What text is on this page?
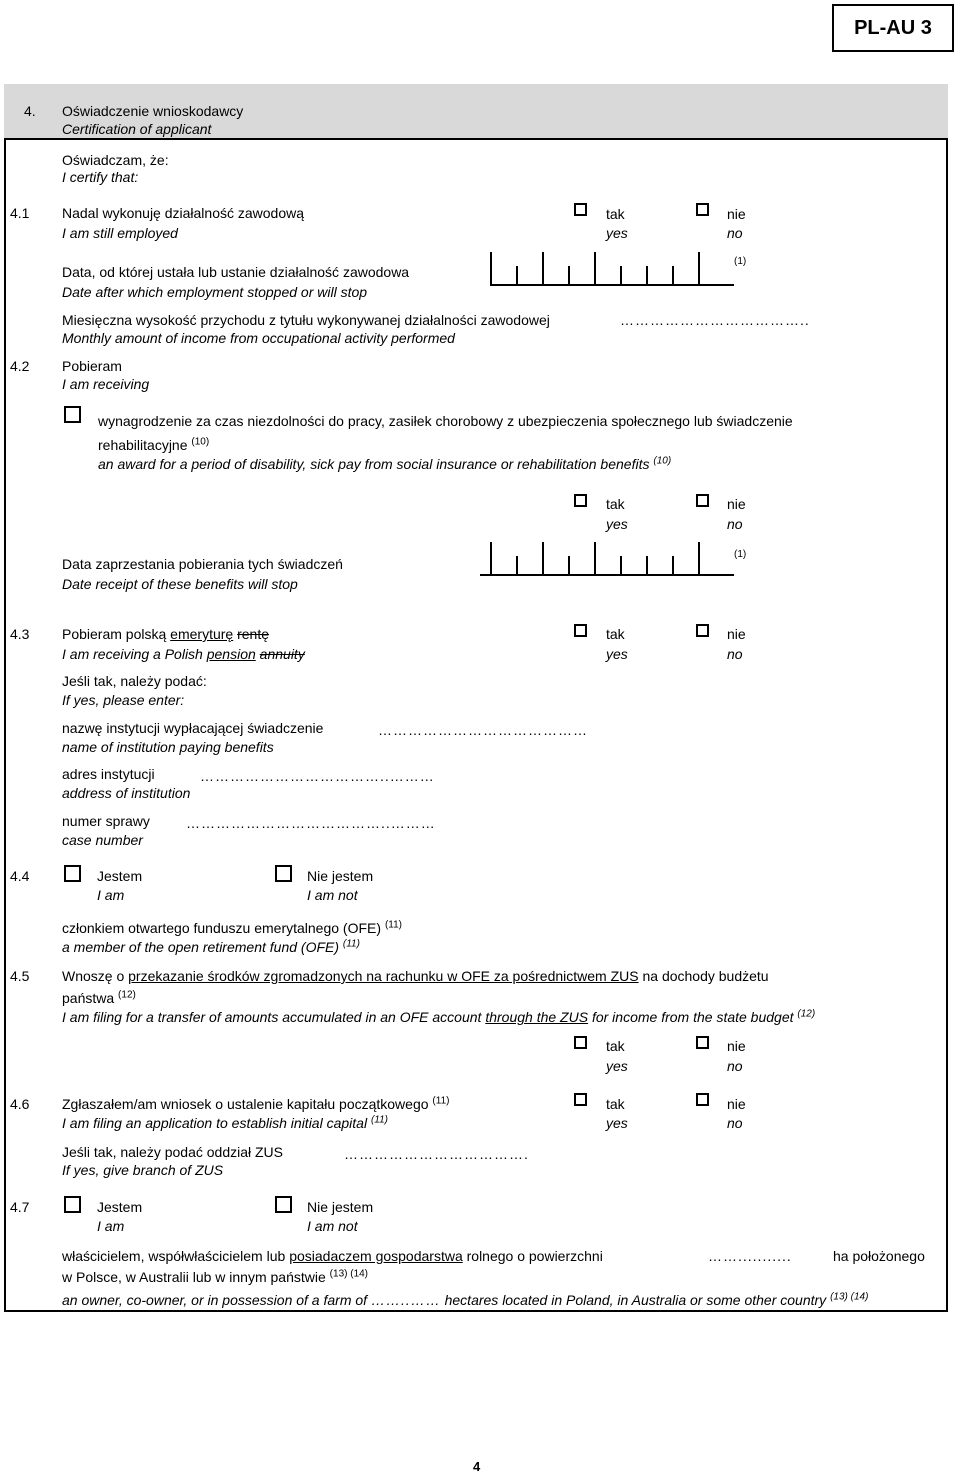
PL-AU 3
4. Oświadczenie wnioskodawcy
Certification of applicant
Oświadczam, że:
I certify that:
4.1 Nadal wykonuję działalność zawodową
I am still employed
tak
yes
nie
no
Data, od której ustała lub ustanie działalność zawodowa
Date after which employment stopped or will stop
(1)
Miesięczna wysokość przychodu z tytułu wykonywanej działalności zawodowej
Monthly amount of income from occupational activity performed
………………………………..
4.2 Pobieram
I am receiving
wynagrodzenie za czas niezdolności do pracy, zasiłek chorobowy z ubezpieczenia społecznego lub świadczenie
rehabilitacyjne $^{(10)}$
an award for a period of disability, sick pay from social insurance or rehabilitation benefits $^{(10)}$
tak
yes
nie
no
Data zaprzestania pobierania tych świadczeń
Date receipt of these benefits will stop
(1)
4.3 Pobieram polską emeryturę rentę
I am receiving a Polish pension annuity
tak
yes
nie
no
Jeśli tak, należy podać:
If yes, please enter:
nazwę instytucji wypłacającej świadczenie
name of institution paying benefits
……………………………………
adres instytucji
address of institution
………………………………..………
numer sprawy
case number
…………………………………..………
4.4	Jestem
I am
Nie jestem
I am not
członkiem otwartego funduszu emerytalnego (OFE) $^{(11)}$
a member of the open retirement fund (OFE) $^{(11)}$
4.5 Wnoszę o przekazanie środków zgromadzonych na rachunku w OFE za pośrednictwem ZUS na dochody budżetu
państwa $^{(12)}$
I am filing for a transfer of amounts accumulated in an OFE account through the ZUS for income from the state budget $^{(12)}$
tak
yes
nie
no
4.6 Zgłaszałem/am wniosek o ustalenie kapitału początkowego $^{(11)}$
I am filing an application to establish initial capital $^{(11)}$
tak
yes
nie
no
Jeśli tak, należy podać oddział ZUS
If yes, give branch of ZUS
……………………………….
4.7	Jestem
I am
Nie jestem
I am not
właścicielem, współwłaścicielem lub posiadaczem gospodarstwa rolnego o powierzchni	……...........	ha położonego
w Polsce, w Australii lub w innym państwie $^{(13) (14)}$
an owner, co-owner, or in possession of a farm of ……..…… hectares located in Poland, in Australia or some other country $^{(13) (14)}$
4
